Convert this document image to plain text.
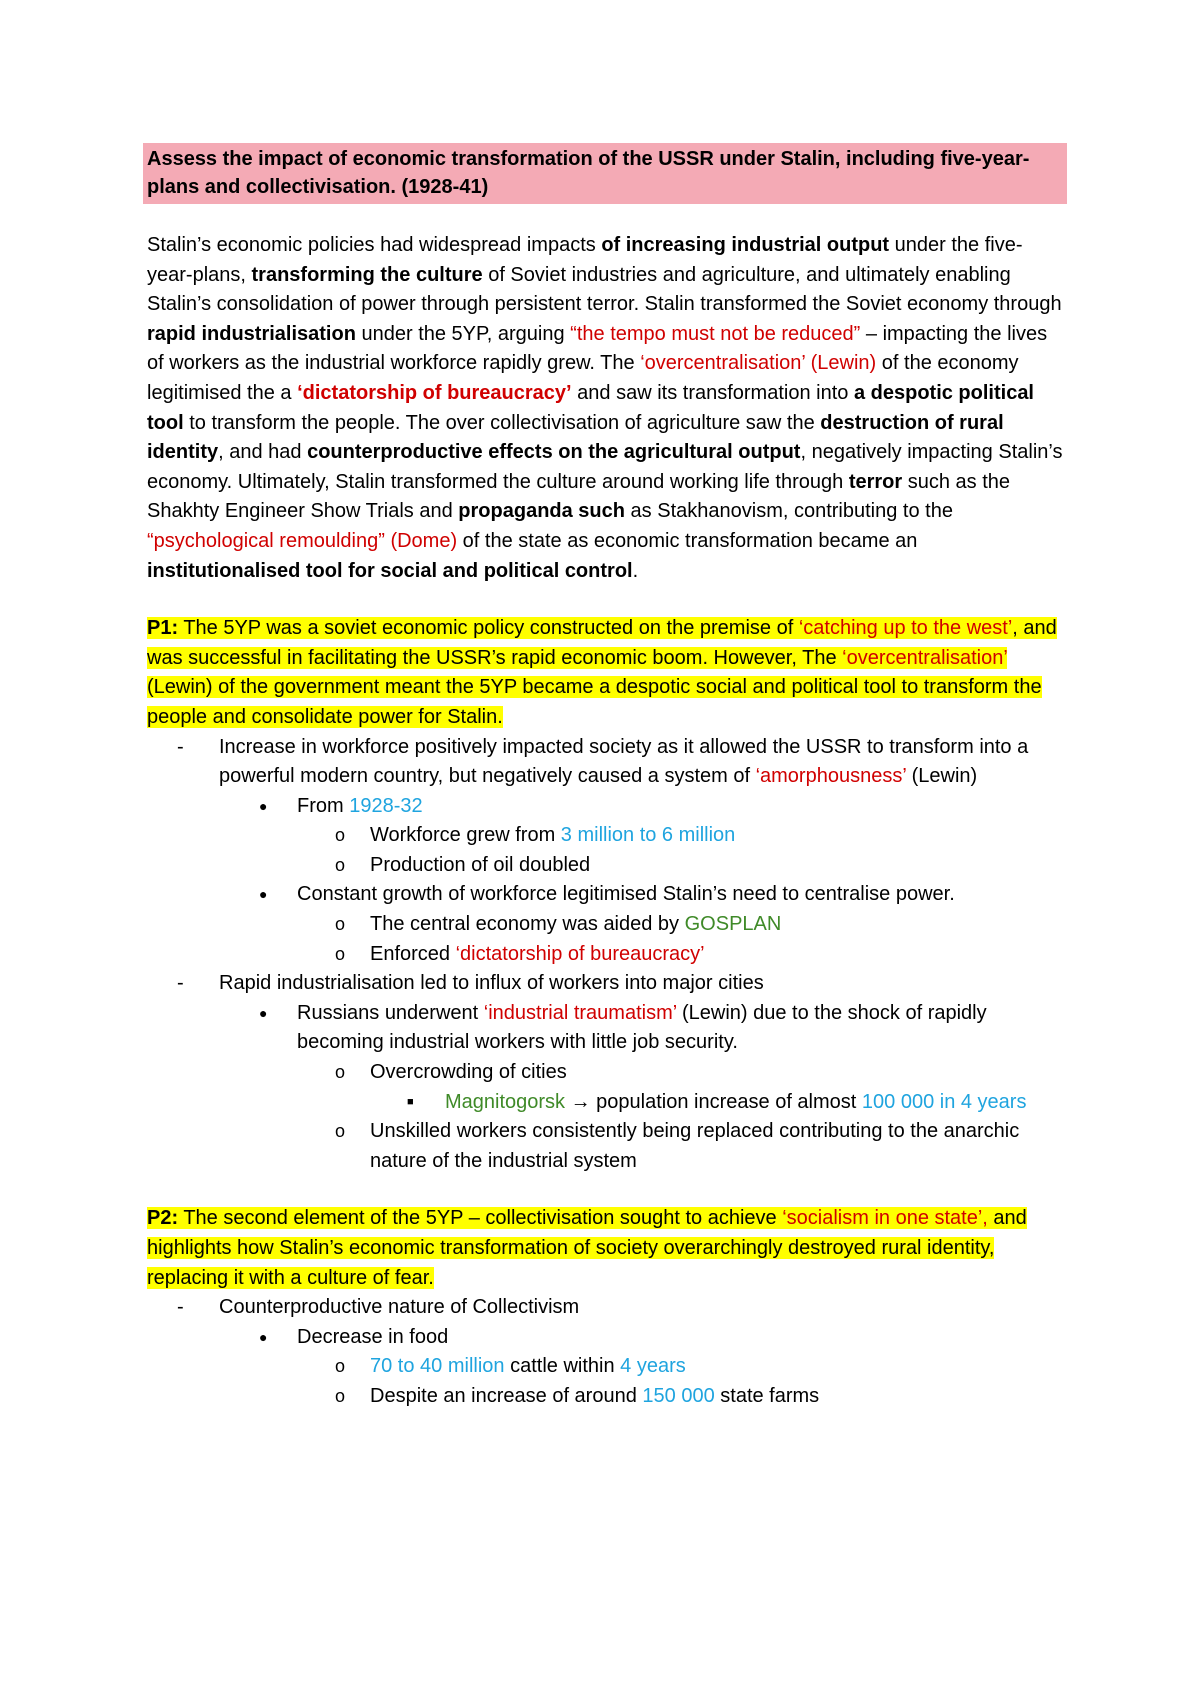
Assess the impact of economic transformation of the USSR under Stalin, including five-year-plans and collectivisation. (1928-41)
Stalin’s economic policies had widespread impacts of increasing industrial output under the five-year-plans, transforming the culture of Soviet industries and agriculture, and ultimately enabling Stalin’s consolidation of power through persistent terror. Stalin transformed the Soviet economy through rapid industrialisation under the 5YP, arguing “the tempo must not be reduced” – impacting the lives of workers as the industrial workforce rapidly grew. The ‘overcentralisation’ (Lewin) of the economy legitimised the a ‘dictatorship of bureaucracy’ and saw its transformation into a despotic political tool to transform the people. The over collectivisation of agriculture saw the destruction of rural identity, and had counterproductive effects on the agricultural output, negatively impacting Stalin’s economy. Ultimately, Stalin transformed the culture around working life through terror such as the Shakhty Engineer Show Trials and propaganda such as Stakhanovism, contributing to the “psychological remoulding” (Dome) of the state as economic transformation became an institutionalised tool for social and political control.
P1: The 5YP was a soviet economic policy constructed on the premise of ‘catching up to the west’, and was successful in facilitating the USSR’s rapid economic boom. However, The ‘overcentralisation’ (Lewin) of the government meant the 5YP became a despotic social and political tool to transform the people and consolidate power for Stalin.
- Increase in workforce positively impacted society as it allowed the USSR to transform into a powerful modern country, but negatively caused a system of ‘amorphousness’ (Lewin)
● From 1928-32
o Workforce grew from 3 million to 6 million
o Production of oil doubled
● Constant growth of workforce legitimised Stalin’s need to centralise power.
o The central economy was aided by GOSPLAN
o Enforced ‘dictatorship of bureaucracy’
- Rapid industrialisation led to influx of workers into major cities
● Russians underwent ‘industrial traumatism’ (Lewin) due to the shock of rapidly becoming industrial workers with little job security.
o Overcrowding of cities
■ Magnitogorsk → population increase of almost 100 000 in 4 years
o Unskilled workers consistently being replaced contributing to the anarchic nature of the industrial system
P2: The second element of the 5YP – collectivisation sought to achieve ‘socialism in one state’, and highlights how Stalin’s economic transformation of society overarchingly destroyed rural identity, replacing it with a culture of fear.
- Counterproductive nature of Collectivism
● Decrease in food
o 70 to 40 million cattle within 4 years
o Despite an increase of around 150 000 state farms
